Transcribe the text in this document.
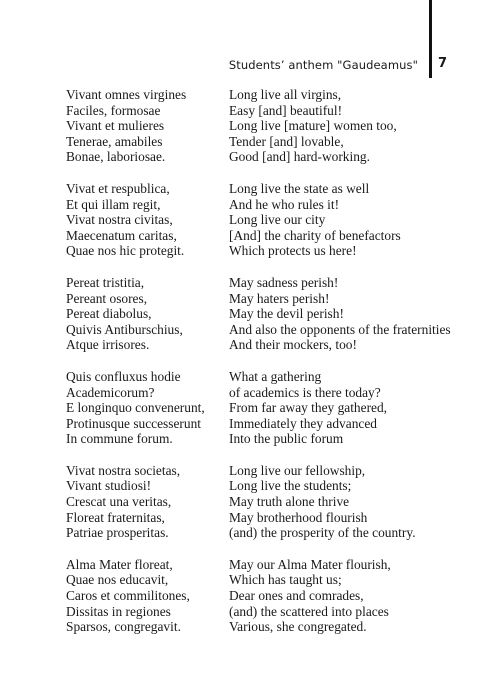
Students’ anthem "Gaudeamus" 7
Vivant omnes virgines
Faciles, formosae
Vivant et mulieres
Tenerae, amabiles
Bonae, laboriosae.
Long live all virgins,
Easy [and] beautiful!
Long live [mature] women too,
Tender [and] lovable,
Good [and] hard-working.
Vivat et respublica,
Et qui illam regit,
Vivat nostra civitas,
Maecenatum caritas,
Quae nos hic protegit.
Long live the state as well
And he who rules it!
Long live our city
[And] the charity of benefactors
Which protects us here!
Pereat tristitia,
Pereant osores,
Pereat diabolus,
Quivis Antiburschius,
Atque irrisores.
May sadness perish!
May haters perish!
May the devil perish!
And also the opponents of the fraternities
And their mockers, too!
Quis confluxus hodie
Academicorum?
E longinquo convenerunt,
Protinusque successerunt
In commune forum.
What a gathering
of academics is there today?
From far away they gathered,
Immediately they advanced
Into the public forum
Vivat nostra societas,
Vivant studiosi!
Crescat una veritas,
Floreat fraternitas,
Patriae prosperitas.
Long live our fellowship,
Long live the students;
May truth alone thrive
May brotherhood flourish
(and) the prosperity of the country.
Alma Mater floreat,
Quae nos educavit,
Caros et commilitones,
Dissitas in regiones
Sparsos, congregavit.
May our Alma Mater flourish,
Which has taught us;
Dear ones and comrades,
(and) the scattered into places
Various, she congregated.
